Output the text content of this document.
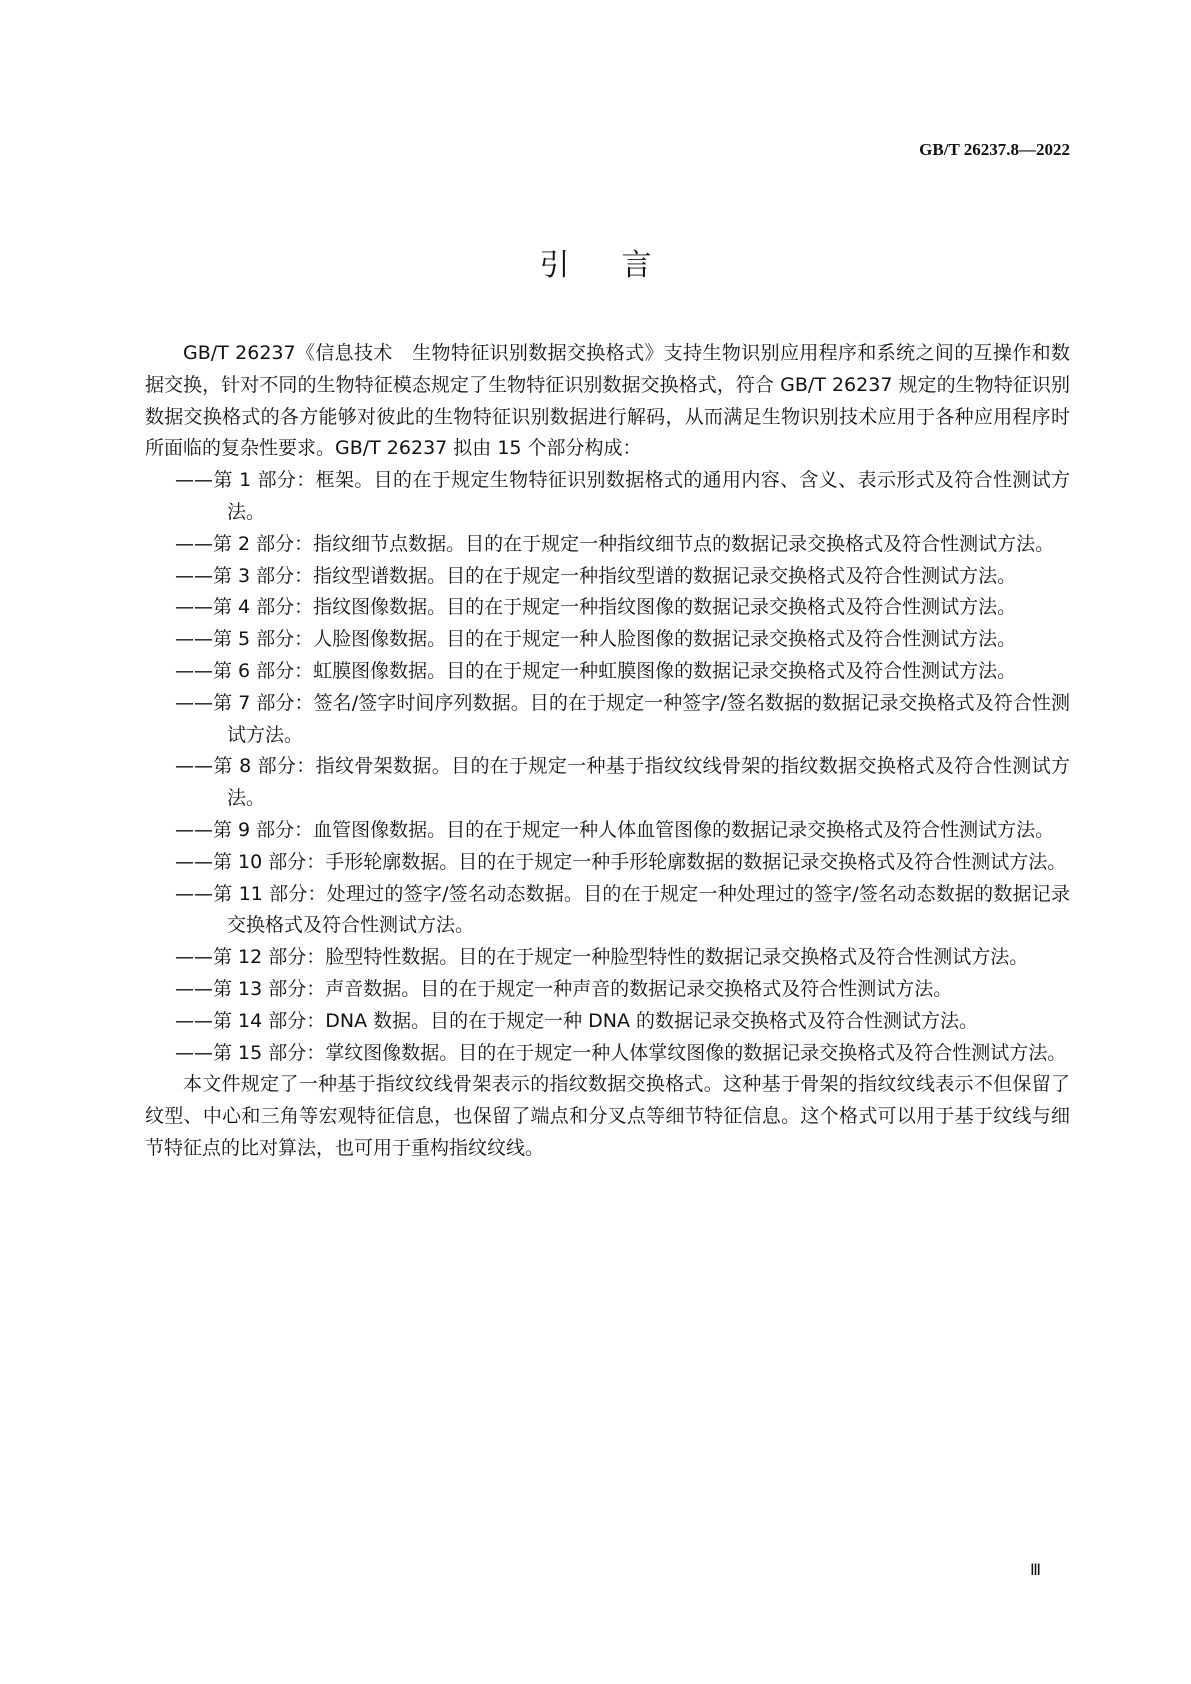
GB/T 26237.8—2022
引言

GB/T 26237《信息技术　生物特征识别数据交换格式》支持生物识别应用程序和系统之间的互操作和数据交换，针对不同的生物特征模态规定了生物特征识别数据交换格式，符合 GB/T 26237 规定的生物特征识别数据交换格式的各方能够对彼此的生物特征识别数据进行解码，从而满足生物识别技术应用于各种应用程序时所面临的复杂性要求。GB/T 26237 拟由 15 个部分构成：

——第 1 部分：框架。目的在于规定生物特征识别数据格式的通用内容、含义、表示形式及符合性测试方法。

——第 2 部分：指纹细节点数据。目的在于规定一种指纹细节点的数据记录交换格式及符合性测试方法。

——第 3 部分：指纹型谱数据。目的在于规定一种指纹型谱的数据记录交换格式及符合性测试方法。

——第 4 部分：指纹图像数据。目的在于规定一种指纹图像的数据记录交换格式及符合性测试方法。

——第 5 部分：人脸图像数据。目的在于规定一种人脸图像的数据记录交换格式及符合性测试方法。

——第 6 部分：虹膜图像数据。目的在于规定一种虹膜图像的数据记录交换格式及符合性测试方法。

——第 7 部分：签名/签字时间序列数据。目的在于规定一种签字/签名数据的数据记录交换格式及符合性测试方法。

——第 8 部分：指纹骨架数据。目的在于规定一种基于指纹纹线骨架的指纹数据交换格式及符合性测试方法。

——第 9 部分：血管图像数据。目的在于规定一种人体血管图像的数据记录交换格式及符合性测试方法。

——第 10 部分：手形轮廓数据。目的在于规定一种手形轮廓数据的数据记录交换格式及符合性测试方法。

——第 11 部分：处理过的签字/签名动态数据。目的在于规定一种处理过的签字/签名动态数据的数据记录交换格式及符合性测试方法。

——第 12 部分：脸型特性数据。目的在于规定一种脸型特性的数据记录交换格式及符合性测试方法。

——第 13 部分：声音数据。目的在于规定一种声音的数据记录交换格式及符合性测试方法。

——第 14 部分：DNA 数据。目的在于规定一种 DNA 的数据记录交换格式及符合性测试方法。

——第 15 部分：掌纹图像数据。目的在于规定一种人体掌纹图像的数据记录交换格式及符合性测试方法。

本文件规定了一种基于指纹纹线骨架表示的指纹数据交换格式。这种基于骨架的指纹纹线表示不但保留了纹型、中心和三角等宏观特征信息，也保留了端点和分叉点等细节特征信息。这个格式可以用于基于纹线与细节特征点的比对算法，也可用于重构指纹纹线。

Ⅲ
